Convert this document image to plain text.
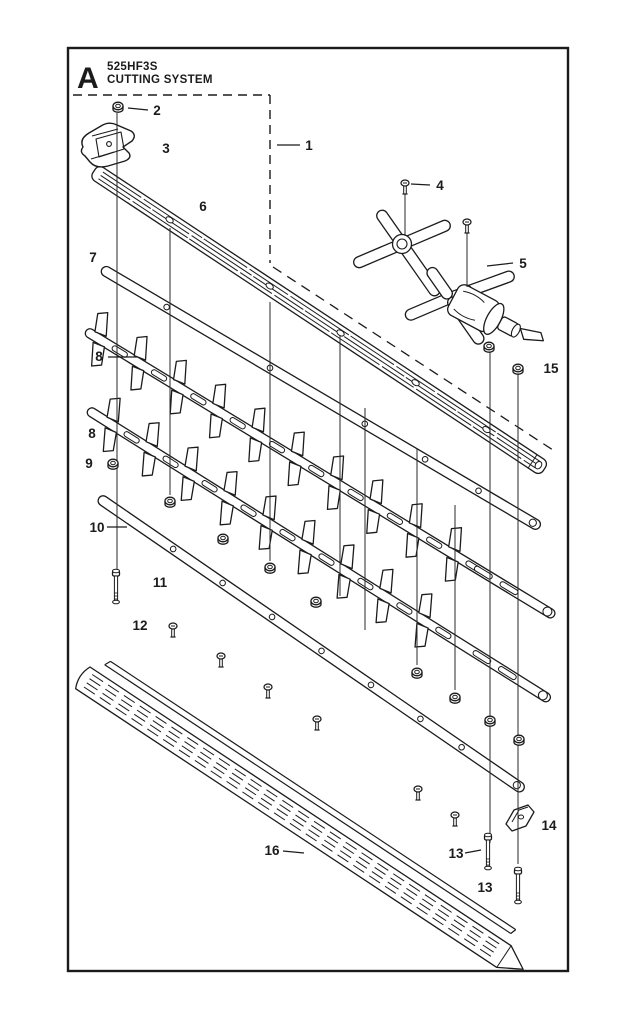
A 525HF3S
CUTTING SYSTEM
1
2
3
4
5
6
7
8
8
9
10
11
12
13
13
14
15
16
